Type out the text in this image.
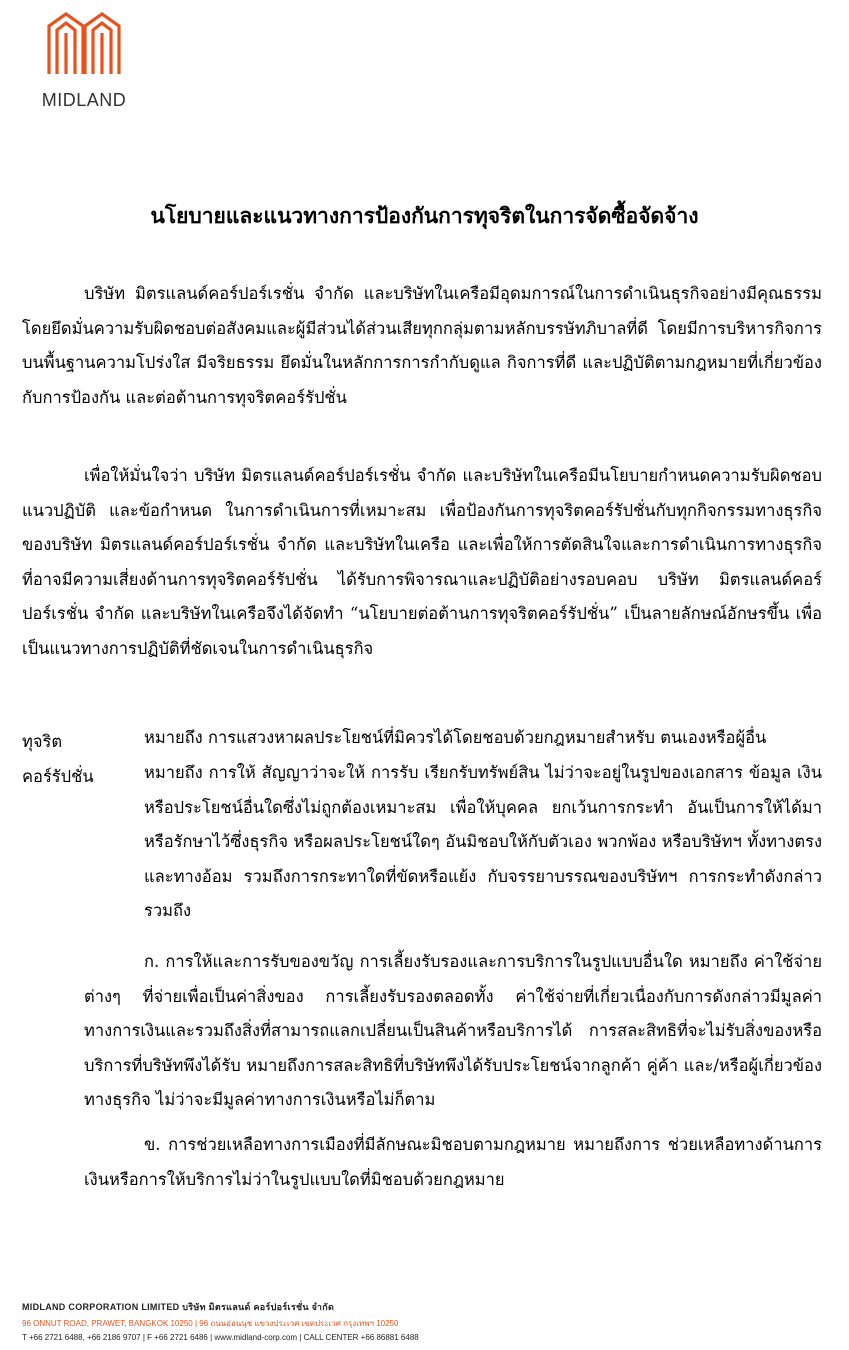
MIDLAND
นโยบายและแนวทางการป้องกันการทุจริตในการจัดซื้อจัดจ้าง

บริษัท มิตรแลนด์คอร์ปอร์เรชั่น จำกัด และบริษัทในเครือมีอุดมการณ์ในการดำเนินธุรกิจอย่างมีคุณธรรม โดยยึดมั่นความรับผิดชอบต่อสังคมและผู้มีส่วนได้ส่วนเสียทุกกลุ่มตามหลักบรรษัทภิบาลที่ดี โดยมีการบริหารกิจการบนพื้นฐานความโปร่งใส มีจริยธรรม ยึดมั่นในหลักการการกำกับดูแล กิจการที่ดี และปฏิบัติตามกฎหมายที่เกี่ยวข้องกับการป้องกัน และต่อต้านการทุจริตคอร์รัปชั่น

เพื่อให้มั่นใจว่า บริษัท มิตรแลนด์คอร์ปอร์เรชั่น จำกัด และบริษัทในเครือมีนโยบายกำหนดความรับผิดชอบ แนวปฏิบัติ และข้อกำหนด ในการดำเนินการที่เหมาะสม เพื่อป้องกันการทุจริตคอร์รัปชั่นกับทุกกิจกรรมทางธุรกิจของบริษัท มิตรแลนด์คอร์ปอร์เรชั่น จำกัด และบริษัทในเครือ และเพื่อให้การตัดสินใจและการดำเนินการทางธุรกิจที่อาจมีความเสี่ยงด้านการทุจริตคอร์รัปชั่น ได้รับการพิจารณาและปฏิบัติอย่างรอบคอบ บริษัท มิตรแลนด์คอร์ปอร์เรชั่น จำกัด และบริษัทในเครือจึงได้จัดทำ “นโยบายต่อต้านการทุจริตคอร์รัปชั่น” เป็นลายลักษณ์อักษรขึ้น เพื่อเป็นแนวทางการปฏิบัติที่ชัดเจนในการดำเนินธุรกิจ

ทุจริต	หมายถึง การแสวงหาผลประโยชน์ที่มิควรได้โดยชอบด้วยกฎหมายสำหรับ ตนเองหรือผู้อื่น

คอร์รัปชั่น	หมายถึง การให้ สัญญาว่าจะให้ การรับ เรียกรับทรัพย์สิน ไม่ว่าจะอยู่ในรูปของเอกสาร ข้อมูล เงิน หรือประโยชน์อื่นใดซึ่งไม่ถูกต้องเหมาะสม เพื่อให้บุคคล ยกเว้นการกระทำ อันเป็นการให้ได้มาหรือรักษาไว้ซึ่งธุรกิจ หรือผลประโยชน์ใดๆ อันมิชอบให้กับตัวเอง พวกพ้อง หรือบริษัทฯ ทั้งทางตรงและทางอ้อม รวมถึงการกระทาใดที่ขัดหรือแย้ง กับจรรยาบรรณของบริษัทฯ การกระทำดังกล่าวรวมถึง

ก. การให้และการรับของขวัญ การเลี้ยงรับรองและการบริการในรูปแบบอื่นใด หมายถึง ค่าใช้จ่ายต่างๆ ที่จ่ายเพื่อเป็นค่าสิ่งของ การเลี้ยงรับรองตลอดทั้ง ค่าใช้จ่ายที่เกี่ยวเนื่องกับการดังกล่าวมีมูลค่าทางการเงินและรวมถึงสิ่งที่สามารถแลกเปลี่ยนเป็นสินค้าหรือบริการได้ การสละสิทธิที่จะไม่รับสิ่งของหรือบริการที่บริษัทพึงได้รับ หมายถึงการสละสิทธิที่บริษัทพึงได้รับประโยชน์จากลูกค้า คู่ค้า และ/หรือผู้เกี่ยวข้องทางธุรกิจ ไม่ว่าจะมีมูลค่าทางการเงินหรือไม่ก็ตาม

ข. การช่วยเหลือทางการเมืองที่มีลักษณะมิชอบตามกฎหมาย หมายถึงการ ช่วยเหลือทางด้านการเงินหรือการให้บริการไม่ว่าในรูปแบบใดที่มิชอบด้วยกฎหมาย

MIDLAND CORPORATION LIMITED บริษัท มิตรแลนด์ คอร์ปอร์เรชั่น จำกัด
96 ONNUT ROAD, PRAWET, BANGKOK 10250 | 96 ถนนอ่อนนุช แขวงประเวศ เขตประเวศ กรุงเทพฯ 10250
T +66 2721 6488, +66 2186 9707 | F +66 2721 6486 | www.midland-corp.com | CALL CENTER +66 86881 6488
